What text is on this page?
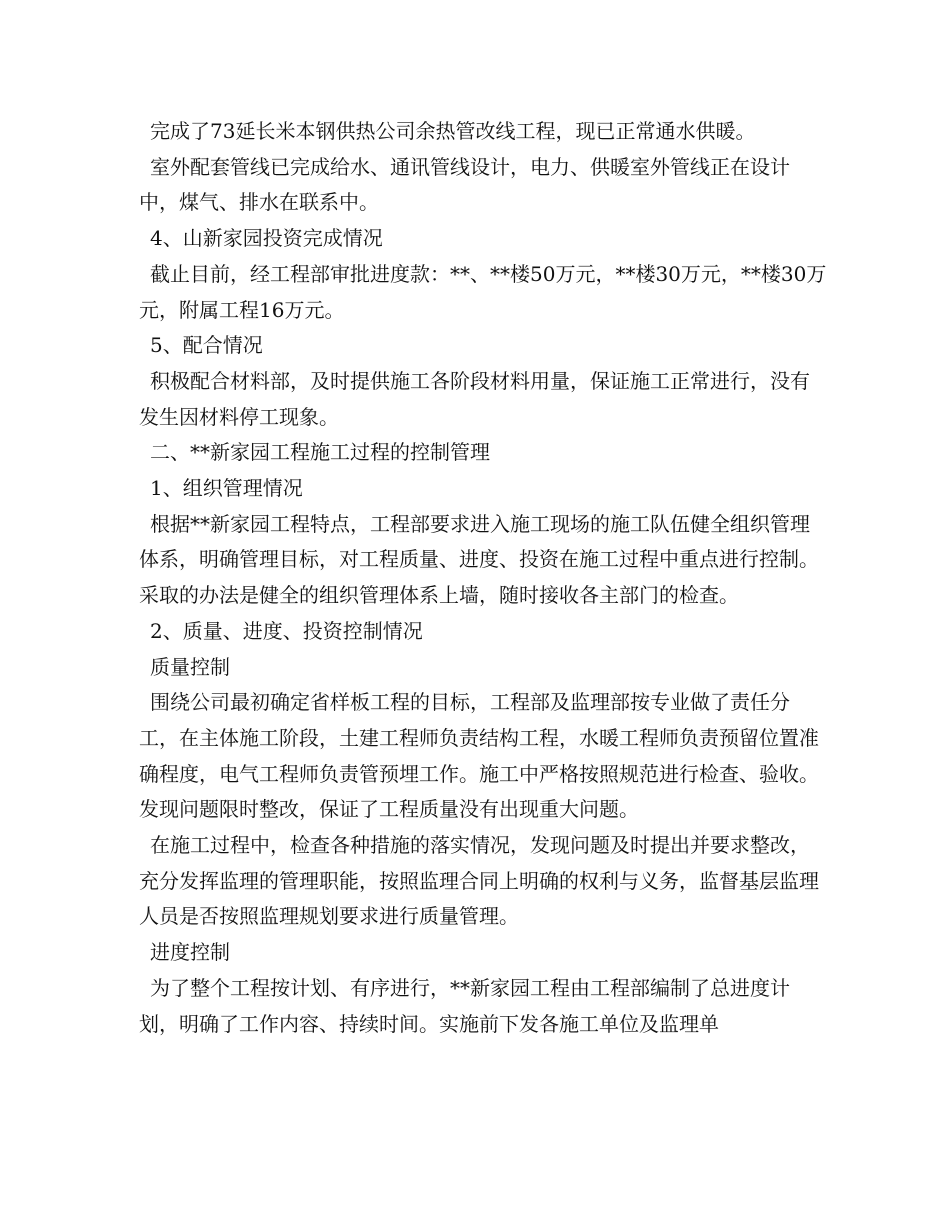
完成了73延长米本钢供热公司余热管改线工程，现已正常通水供暖。

室外配套管线已完成给水、通讯管线设计，电力、供暖室外管线正在设计中，煤气、排水在联系中。

4、山新家园投资完成情况

截止目前，经工程部审批进度款：**、**楼50万元，**楼30万元，**楼30万元，附属工程16万元。

5、配合情况

积极配合材料部，及时提供施工各阶段材料用量，保证施工正常进行，没有发生因材料停工现象。

二、**新家园工程施工过程的控制管理

1、组织管理情况

根据**新家园工程特点，工程部要求进入施工现场的施工队伍健全组织管理体系，明确管理目标，对工程质量、进度、投资在施工过程中重点进行控制。采取的办法是健全的组织管理体系上墙，随时接收各主部门的检查。

2、质量、进度、投资控制情况

质量控制

围绕公司最初确定省样板工程的目标，工程部及监理部按专业做了责任分工，在主体施工阶段，土建工程师负责结构工程，水暖工程师负责预留位置准确程度，电气工程师负责管预埋工作。施工中严格按照规范进行检查、验收。发现问题限时整改，保证了工程质量没有出现重大问题。

在施工过程中，检查各种措施的落实情况，发现问题及时提出并要求整改，充分发挥监理的管理职能，按照监理合同上明确的权利与义务，监督基层监理人员是否按照监理规划要求进行质量管理。

进度控制

为了整个工程按计划、有序进行，**新家园工程由工程部编制了总进度计划，明确了工作内容、持续时间。实施前下发各施工单位及监理单
